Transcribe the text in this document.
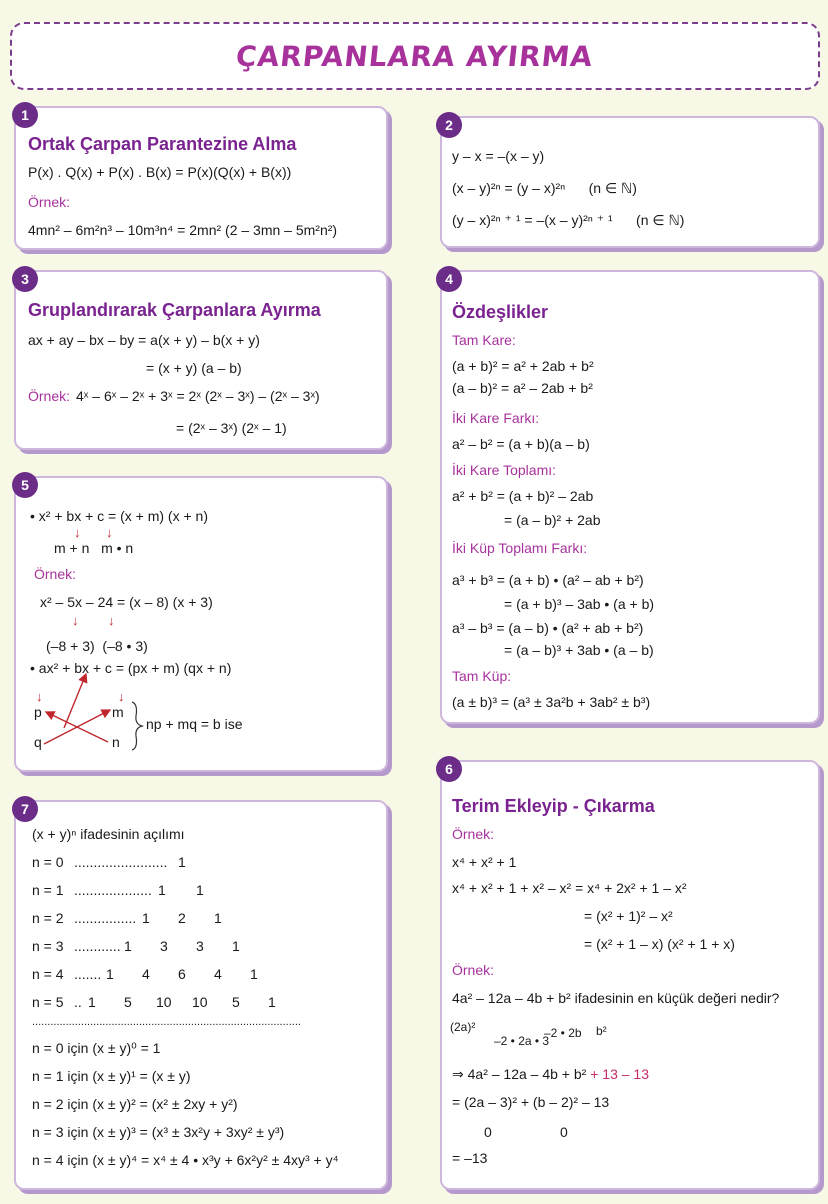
ÇARPANLARA AYIRMA
1
Ortak Çarpan Parantezine Alma
P(x) . Q(x) + P(x) . B(x) = P(x)(Q(x) + B(x))
Örnek:
4mn² – 6m²n³ – 10m³n⁴ = 2mn² (2 – 3mn – 5m²n²)
2
y – x = –(x – y)
(x – y)²ⁿ = (y – x)²ⁿ      (n ∈ ℕ)
(y – x)²ⁿ ⁺ ¹ = –(x – y)²ⁿ ⁺ ¹      (n ∈ ℕ)
3
Gruplandırarak Çarpanlara Ayırma
ax + ay – bx – by = a(x + y) – b(x + y)
= (x + y) (a – b)
Örnek: 4ˣ – 6ˣ – 2ˣ + 3ˣ = 2ˣ (2ˣ – 3ˣ) – (2ˣ – 3ˣ)
= (2ˣ – 3ˣ) (2ˣ – 1)
4
Özdeşlikler
Tam Kare:
(a + b)² = a² + 2ab + b²
(a – b)² = a² – 2ab + b²
İki Kare Farkı:
a² – b² = (a + b)(a – b)
İki Kare Toplamı:
a² + b² = (a + b)² – 2ab
= (a – b)² + 2ab
İki Küp Toplamı Farkı:
a³ + b³ = (a + b) • (a² – ab + b²)
= (a + b)³ – 3ab • (a + b)
a³ – b³ = (a – b) • (a² + ab + b²)
= (a – b)³ + 3ab • (a – b)
Tam Küp:
(a ± b)³ = (a³ ± 3a²b + 3ab² ± b³)
5
• x² + bx + c = (x + m) (x + n)
↓ ↓
m + n   m • n
Örnek:
x² – 5x – 24 = (x – 8) (x + 3)
↓ ↓
(–8 + 3)  (–8 • 3)
• ax² + bx + c = (px + m) (qx + n)
↓	↓
p
q
m
n
np + mq = b ise
6
Terim Ekleyip - Çıkarma
Örnek:
x⁴ + x² + 1
x⁴ + x² + 1 + x² – x² = x⁴ + 2x² + 1 – x²
= (x² + 1)² – x²
= (x² + 1 – x) (x² + 1 + x)
Örnek:
4a² – 12a – 4b + b² ifadesinin en küçük değeri nedir?
(2a)²
–2 • 2a • 3
–2 • 2b b²
⇒ 4a² – 12a – 4b + b² + 13 – 13
= (2a – 3)² + (b – 2)² – 13
0	0
= –13
7
(x + y)ⁿ ifadesinin açılımı
n = 0 ........................ 1
n = 1 .................... 1 1
n = 2 ................ 1 2 1
n = 3 ............ 1 3 3 1
n = 4 ....... 1 4 6 4 1
n = 5 .. 1 5 10 10 5 1
........................................................................................
n = 0 için (x ± y)⁰ = 1
n = 1 için (x ± y)¹ = (x ± y)
n = 2 için (x ± y)² = (x² ± 2xy + y²)
n = 3 için (x ± y)³ = (x³ ± 3x²y + 3xy² ± y³)
n = 4 için (x ± y)⁴ = x⁴ ± 4 • x³y + 6x²y² ± 4xy³ + y⁴
